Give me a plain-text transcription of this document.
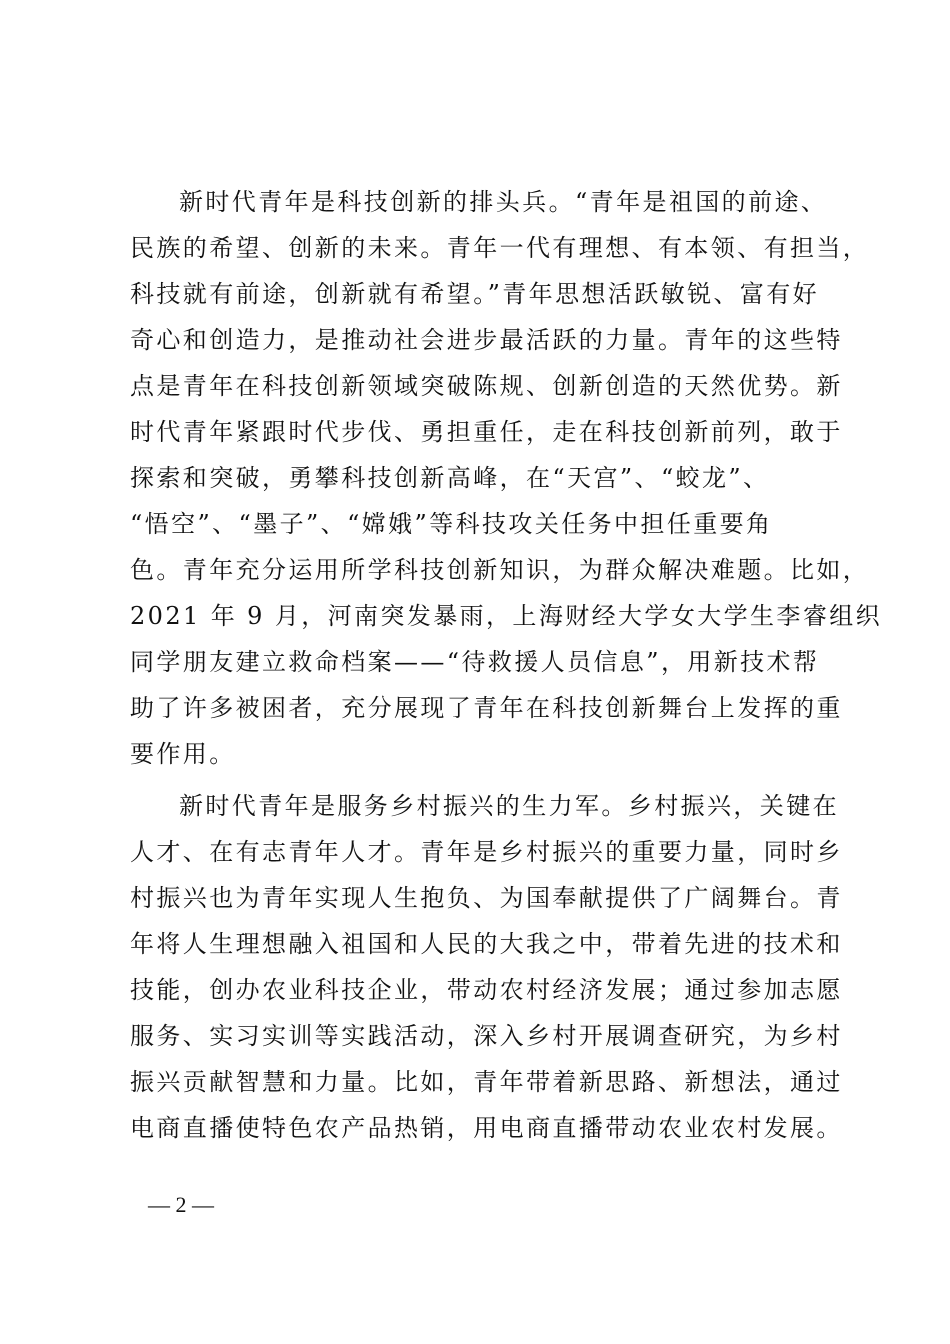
新时代青年是科技创新的排头兵。“青年是祖国的前途、
民族的希望、创新的未来。青年一代有理想、有本领、有担当，
科技就有前途，创新就有希望。”青年思想活跃敏锐、富有好
奇心和创造力，是推动社会进步最活跃的力量。青年的这些特
点是青年在科技创新领域突破陈规、创新创造的天然优势。新
时代青年紧跟时代步伐、勇担重任，走在科技创新前列，敢于
探索和突破，勇攀科技创新高峰，在“天宫”、“蛟龙”、
“悟空”、“墨子”、“嫦娥”等科技攻关任务中担任重要角
色。青年充分运用所学科技创新知识，为群众解决难题。比如，
2021 年 9 月，河南突发暴雨，上海财经大学女大学生李睿组织
同学朋友建立救命档案——“待救援人员信息”，用新技术帮
助了许多被困者，充分展现了青年在科技创新舞台上发挥的重
要作用。
新时代青年是服务乡村振兴的生力军。乡村振兴，关键在
人才、在有志青年人才。青年是乡村振兴的重要力量，同时乡
村振兴也为青年实现人生抱负、为国奉献提供了广阔舞台。青
年将人生理想融入祖国和人民的大我之中，带着先进的技术和
技能，创办农业科技企业，带动农村经济发展；通过参加志愿
服务、实习实训等实践活动，深入乡村开展调查研究，为乡村
振兴贡献智慧和力量。比如，青年带着新思路、新想法，通过
电商直播使特色农产品热销，用电商直播带动农业农村发展。
— 2 —
